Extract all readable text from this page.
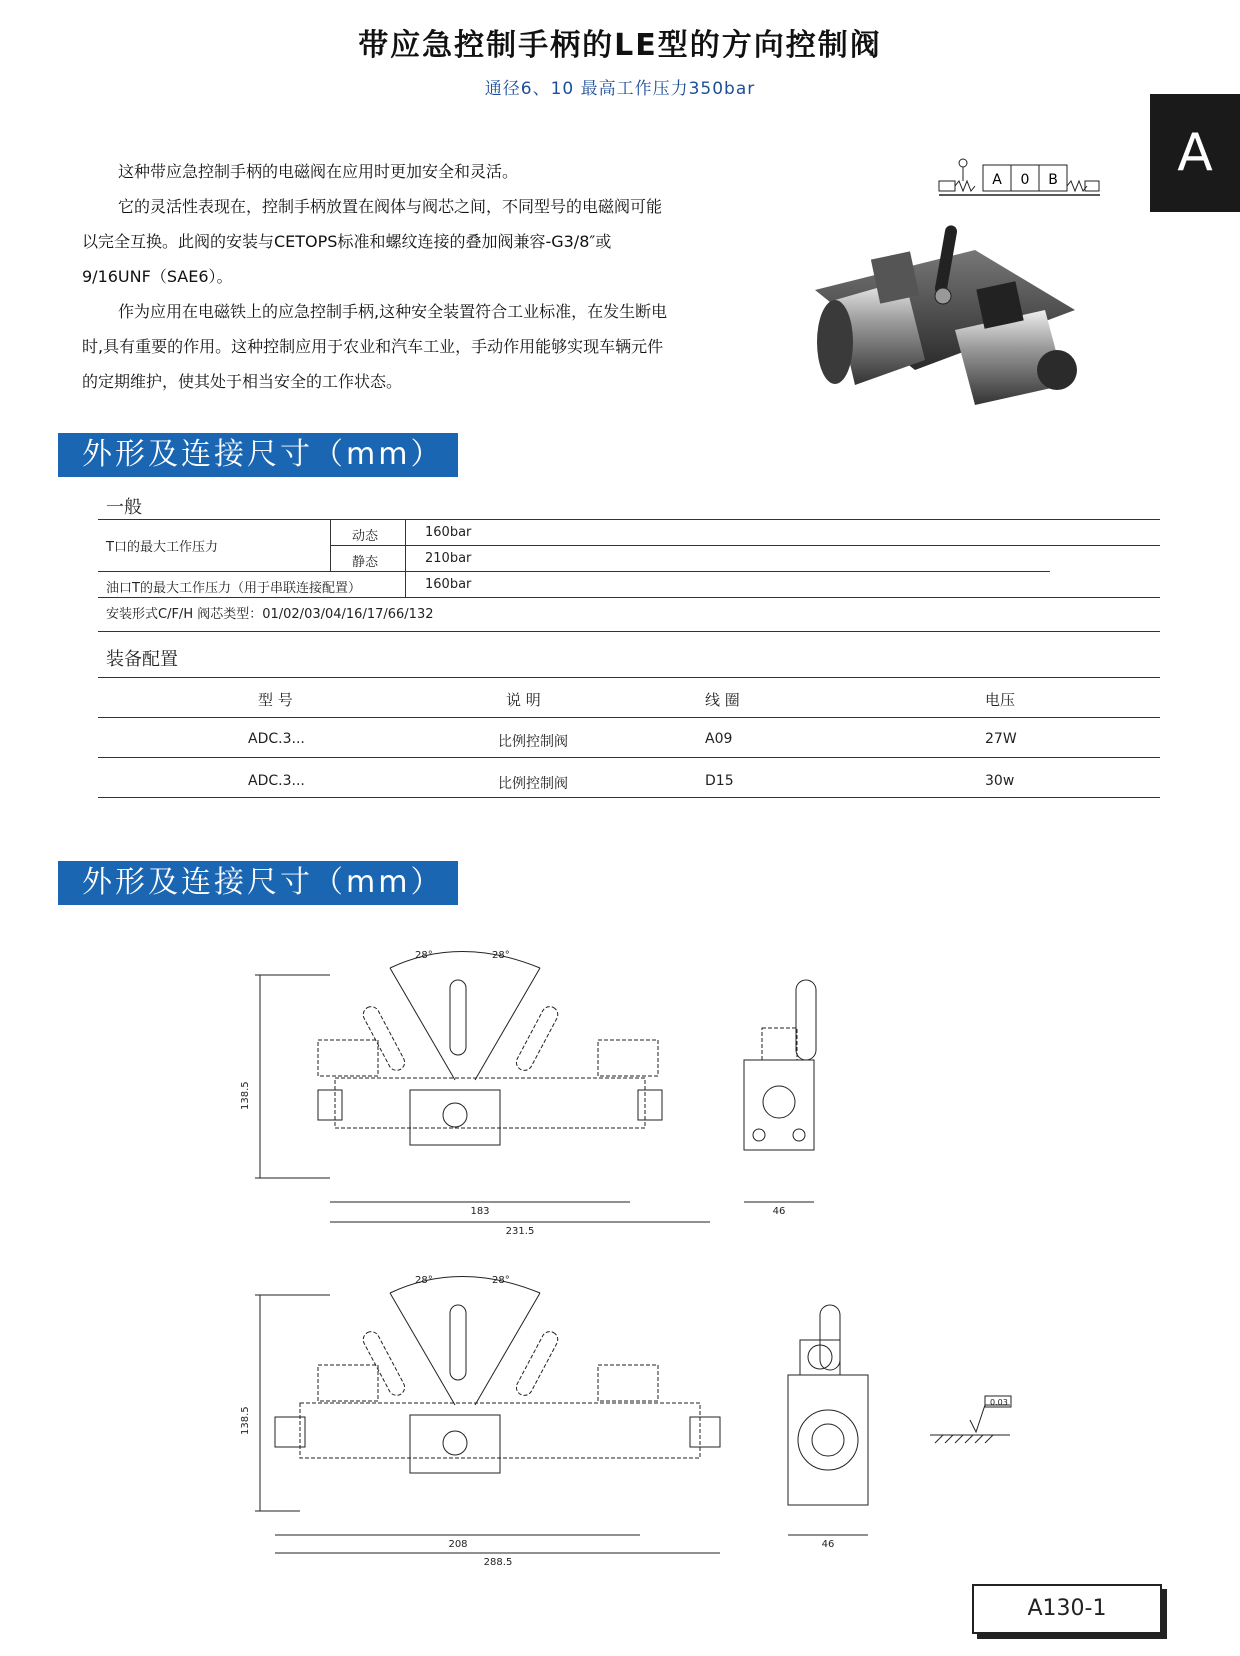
带应急控制手柄的LE型的方向控制阀
通径6、10 最高工作压力350bar
A

这种带应急控制手柄的电磁阀在应用时更加安全和灵活。

它的灵活性表现在，控制手柄放置在阀体与阀芯之间，不同型号的电磁阀可能以完全互换。此阀的安装与CETOPS标准和螺纹连接的叠加阀兼容-G3/8″或9/16UNF（SAE6）。

作为应用在电磁铁上的应急控制手柄,这种安全装置符合工业标准，在发生断电时,具有重要的作用。这种控制应用于农业和汽车工业，手动作用能够实现车辆元件的定期维护，使其处于相当安全的工作状态。

A 0 B
外形及连接尺寸（mm）
一般
T口的最大工作压力
动态	160bar
静态	210bar
油口T的最大工作压力（用于串联连接配置）	160bar
安装形式C/F/H 阀芯类型：01/02/03/04/16/17/66/132
装备配置
型 号	说 明	线 圈	电压
ADC.3...	比例控制阀	A09	27W
ADC.3...	比例控制阀	D15	30w
外形及连接尺寸（mm）
28°	28°
138.5
183
231.5
46
28°	28°
138.5
208
288.5
46
0.03
A130-1
